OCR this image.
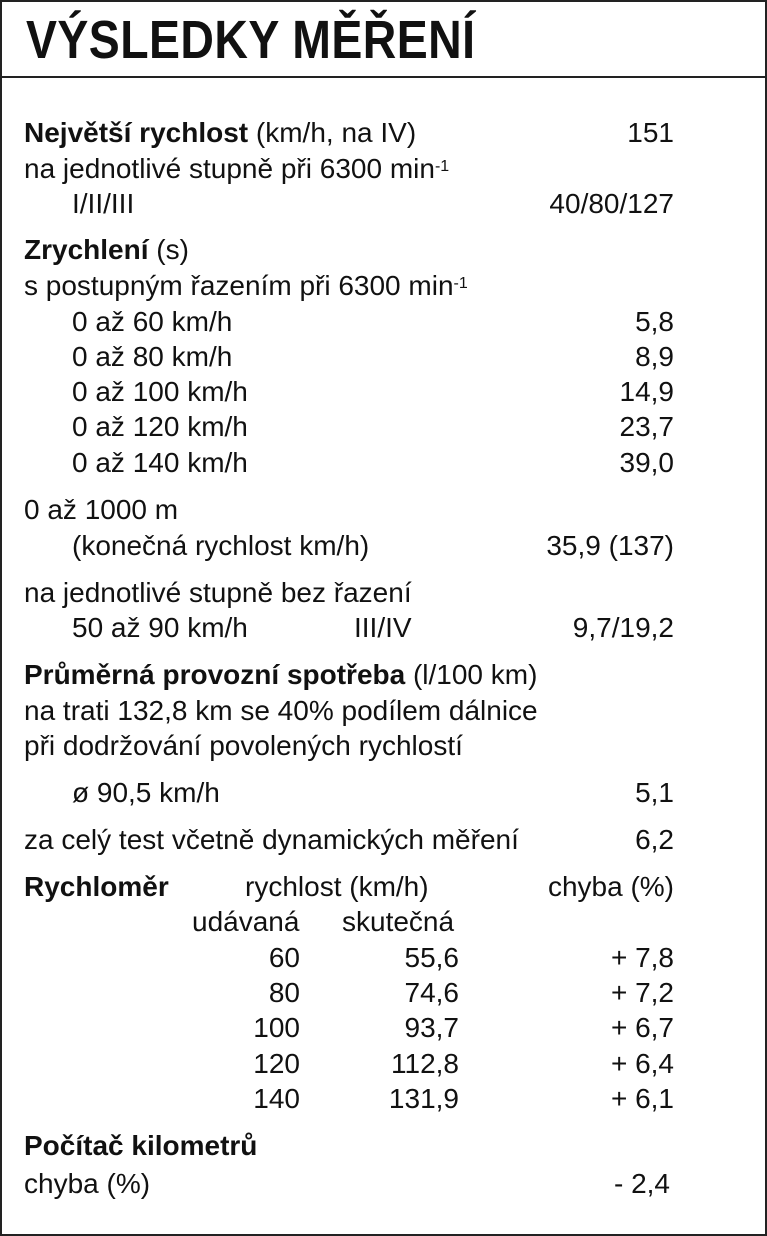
VÝSLEDKY MĚŘENÍ
Největší rychlost (km/h, na IV)	151
na jednotlivé stupně při 6300 $\min^{-1}$
I/II/III	40/80/127
Zrychlení (s)
s postupným řazením při 6300 $\min^{-1}$
0 až 60 km/h	5,8
0 až 80 km/h	8,9
0 až 100 km/h	14,9
0 až 120 km/h	23,7
0 až 140 km/h	39,0
0 až 1000 m
(konečná rychlost km/h)	35,9 (137)
na jednotlivé stupně bez řazení
50 až 90 km/h	III/IV	9,7/19,2
Průměrná provozní spotřeba (l/100 km)
na trati 132,8 km se 40% podílem dálnice
při dodržování povolených rychlostí
ø 90,5 km/h	5,1
za celý test včetně dynamických měření	6,2
Rychloměr	rychlost (km/h)	chyba (%)
udávaná skutečná
60	55,6	+ 7,8
80	74,6	+ 7,2
100	93,7	+ 6,7
120	112,8	+ 6,4
140	131,9	+ 6,1
Počítač kilometrů
chyba (%)	- 2,4
